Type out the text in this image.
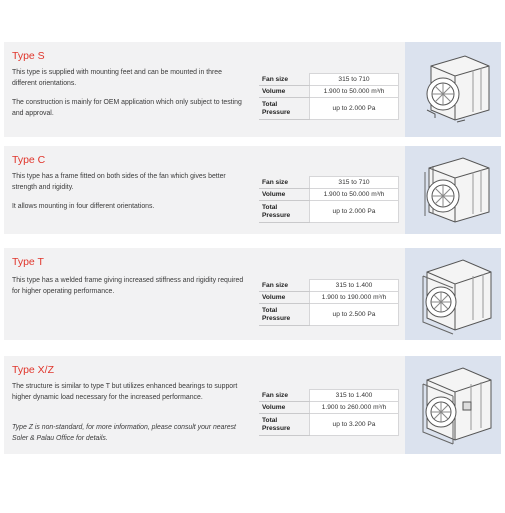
Type S
This type is supplied with mounting feet and can be mounted in three different orientations.
The construction is mainly for OEM application which only subject to testing and approval.
Fan size	315 to 710
Volume	1.900 to 50.000 m³/h
Total
Pressure	up to 2.000 Pa
Type C
This type has a frame fitted on both sides of the fan which gives better strength and rigidity.
It allows mounting in four different orientations.
Fan size	315 to 710
Volume	1.900 to 50.000 m³/h
Total
Pressure	up to 2.000 Pa
Type T
This type has a welded frame giving increased stiffness and rigidity required for higher operating performance.
Fan size	315 to 1.400
Volume	1.900 to 190.000 m³/h
Total
Pressure	up to 2.500 Pa
Type X/Z
The structure is similar to type T but utilizes enhanced bearings to support higher dynamic load necessary for the increased performance.
Type Z is non-standard, for more information, please consult your nearest Soler & Palau Office for details.
Fan size	315 to 1.400
Volume	1.900 to 260.000 m³/h
Total
Pressure	up to 3.200 Pa
